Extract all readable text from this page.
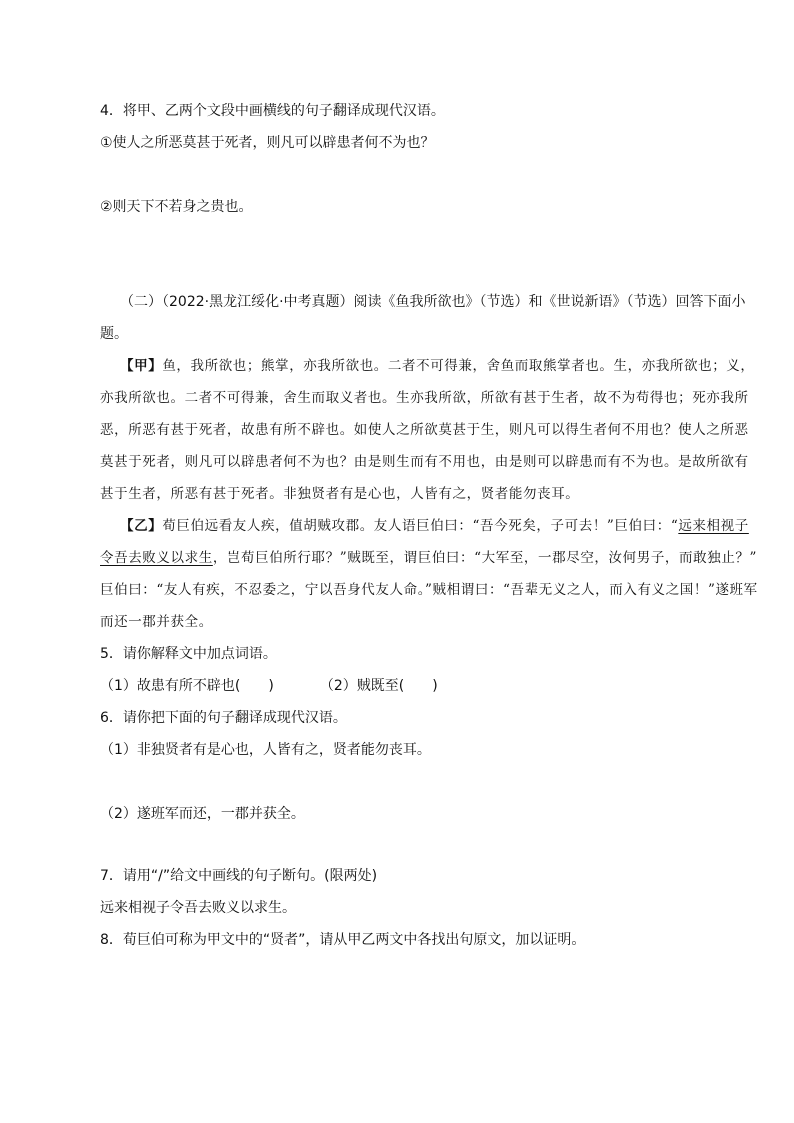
4．将甲、乙两个文段中画横线的句子翻译成现代汉语。
①使人之所恶莫甚于死者，则凡可以辟患者何不为也？
②则天下不若身之贵也。
（二）（2022·黑龙江绥化·中考真题）阅读《鱼我所欲也》（节选）和《世说新语》（节选）回答下面小
题。
【甲】鱼，我所欲也；熊掌，亦我所欲也。二者不可得兼，舍鱼而取熊掌者也。生，亦我所欲也；义，
亦我所欲也。二者不可得兼，舍生而取义者也。生亦我所欲，所欲有甚于生者，故不为苟得也；死亦我所
恶，所恶有甚于死者，故患有所不辟也。如使人之所欲莫甚于生，则凡可以得生者何不用也？使人之所恶
莫甚于死者，则凡可以辟患者何不为也？由是则生而有不用也，由是则可以辟患而有不为也。是故所欲有
甚于生者，所恶有甚于死者。非独贤者有是心也，人皆有之，贤者能勿丧耳。
【乙】荀巨伯远看友人疾，值胡贼攻郡。友人语巨伯曰：“吾今死矣，子可去！”巨伯曰：“远来相视子
令吾去败义以求生，岂荀巨伯所行耶？”贼既至，谓巨伯曰：“大军至，一郡尽空，汝何男子，而敢独止？”
巨伯曰：“友人有疾，不忍委之，宁以吾身代友人命。”贼相谓曰：“吾辈无义之人，而入有义之国！”遂班军
而还一郡并获全。
5．请你解释文中加点词语。
（1）故患有所不辟也(　　)	（2）贼既至(　　)
6．请你把下面的句子翻译成现代汉语。
（1）非独贤者有是心也，人皆有之，贤者能勿丧耳。
（2）遂班军而还，一郡并获全。
7．请用“/”给文中画线的句子断句。(限两处)
远来相视子令吾去败义以求生。
8．荀巨伯可称为甲文中的“贤者”，请从甲乙两文中各找出句原文，加以证明。
